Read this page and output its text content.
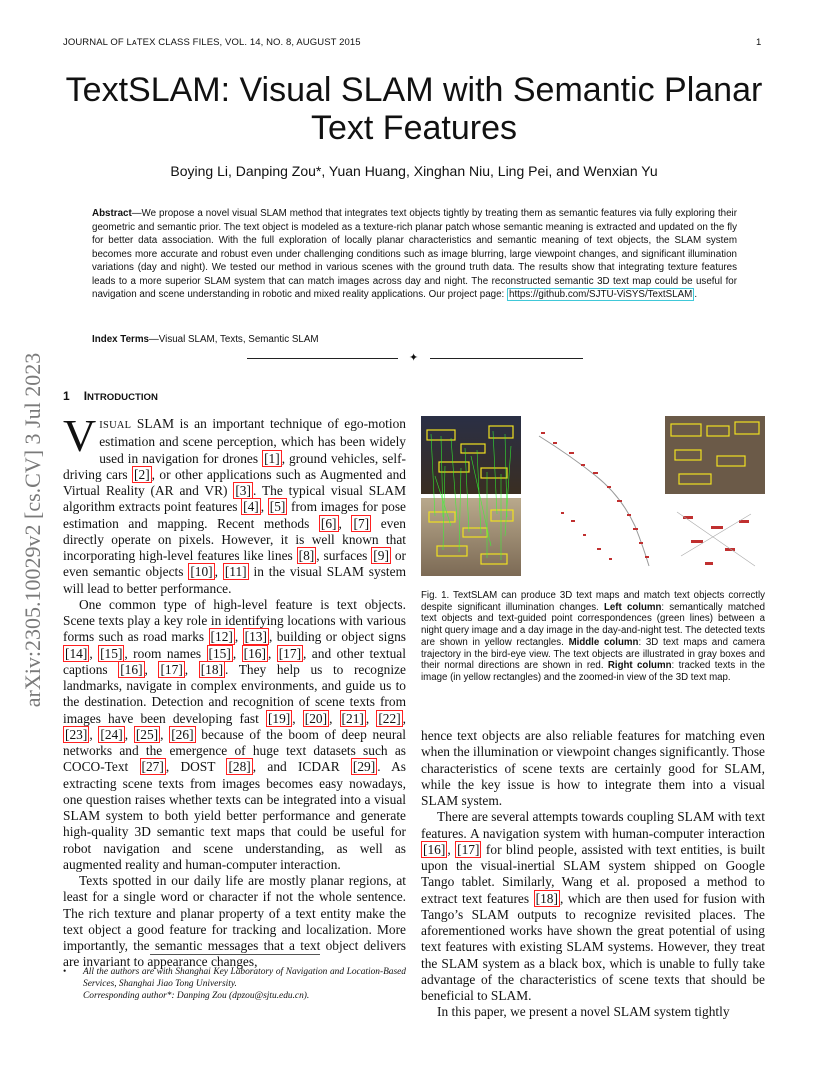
arXiv:2305.10029v2 [cs.CV] 3 Jul 2023
JOURNAL OF LᴀTEX CLASS FILES, VOL. 14, NO. 8, AUGUST 2015	1
TextSLAM: Visual SLAM with Semantic Planar
Text Features
Boying Li, Danping Zou*, Yuan Huang, Xinghan Niu, Ling Pei, and Wenxian Yu

Abstract—We propose a novel visual SLAM method that integrates text objects tightly by treating them as semantic features via fully exploring their geometric and semantic prior. The text object is modeled as a texture-rich planar patch whose semantic meaning is extracted and updated on the fly for better data association. With the full exploration of locally planar characteristics and semantic meaning of text objects, the SLAM system becomes more accurate and robust even under challenging conditions such as image blurring, large viewpoint changes, and significant illumination variations (day and night). We tested our method in various scenes with the ground truth data. The results show that integrating texture features leads to a more superior SLAM system that can match images across day and night. The reconstructed semantic 3D text map could be useful for navigation and scene understanding in robotic and mixed reality applications. Our project page: https://github.com/SJTU-ViSYS/TextSLAM .

Index Terms—Visual SLAM, Texts, Semantic SLAM

✦
1 INTRODUCTION

VISUAL SLAM is an important technique of ego-motion estimation and scene perception, which has been widely used in navigation for drones [1] , ground vehicles, self-driving cars [2] , or other applications such as Augmented and Virtual Reality (AR and VR) [3] . The typical visual SLAM algorithm extracts point features [4] , [5] from images for pose estimation and mapping. Recent methods [6] , [7] even directly operate on pixels. However, it is well known that incorporating high-level features like lines [8] , surfaces [9] or even semantic objects [10] , [11] in the visual SLAM system will lead to better performance.

One common type of high-level feature is text objects. Scene texts play a key role in identifying locations with various forms such as road marks [12] , [13] , building or object signs [14] , [15] , room names [15] , [16] , [17] , and other textual captions [16] , [17] , [18] . They help us to recognize landmarks, navigate in complex environments, and guide us to the destination. Detection and recognition of scene texts from images have been developing fast [19] , [20] , [21] , [22] , [23] , [24] , [25] , [26] because of the boom of deep neural networks and the emergence of huge text datasets such as COCO-Text [27] , DOST [28] , and ICDAR [29] . As extracting scene texts from images becomes easy nowadays, one question raises whether texts can be integrated into a visual SLAM system to both yield better performance and generate high-quality 3D semantic text maps that could be useful for robot navigation and scene understanding, as well as augmented reality and human-computer interaction.

Texts spotted in our daily life are mostly planar regions, at least for a single word or character if not the whole sentence. The rich texture and planar property of a text entity make the text object a good feature for tracking and localization. More importantly, the semantic messages that a text object delivers are invariant to appearance changes,

• All the authors are with Shanghai Key Laboratory of Navigation and Location-Based Services, Shanghai Jiao Tong University.
Corresponding author*: Danping Zou (dpzou@sjtu.edu.cn).

Fig. 1. TextSLAM can produce 3D text maps and match text objects correctly despite significant illumination changes. Left column: semantically matched text objects and text-guided point correspondences (green lines) between a night query image and a day image in the day-and-night test. The detected texts are shown in yellow rectangles. Middle column: 3D text maps and camera trajectory in the bird-eye view. The text objects are illustrated in gray boxes and their normal directions are shown in red. Right column: tracked texts in the image (in yellow rectangles) and the zoomed-in view of the 3D text map.

hence text objects are also reliable features for matching even when the illumination or viewpoint changes significantly. Those characteristics of scene texts are certainly good for SLAM, while the key issue is how to integrate them into a visual SLAM system.

There are several attempts towards coupling SLAM with text features. A navigation system with human-computer interaction [16] , [17] for blind people, assisted with text entities, is built upon the visual-inertial SLAM system shipped on Google Tango tablet. Similarly, Wang et al. proposed a method to extract text features [18] , which are then used for fusion with Tango’s SLAM outputs to recognize revisited places. The aforementioned works have shown the great potential of using text features with existing SLAM systems. However, they treat the SLAM system as a black box, which is unable to fully take advantage of the characteristics of scene texts that should be beneficial to SLAM.

In this paper, we present a novel SLAM system tightly
